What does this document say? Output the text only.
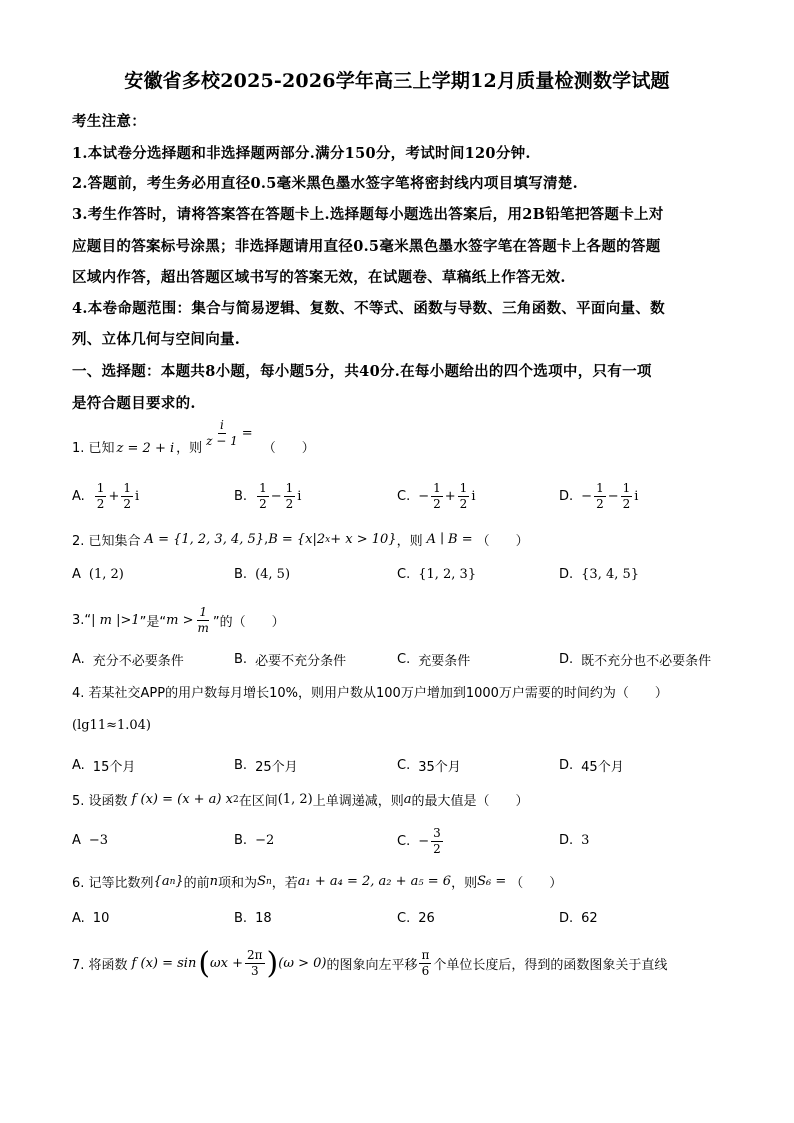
安徽省多校2025-2026学年高三上学期12月质量检测数学试题
考生注意：
1.本试卷分选择题和非选择题两部分.满分150分，考试时间120分钟.
2.答题前，考生务必用直径0.5毫米黑色墨水签字笔将密封线内项目填写清楚.
3.考生作答时，请将答案答在答题卡上.选择题每小题选出答案后，用2B铅笔把答题卡上对
应题目的答案标号涂黑；非选择题请用直径0.5毫米黑色墨水签字笔在答题卡上各题的答题
区域内作答，超出答题区域书写的答案无效，在试题卷、草稿纸上作答无效.
4.本卷命题范围：集合与简易逻辑、复数、不等式、函数与导数、三角函数、平面向量、数
列、立体几何与空间向量.
一、选择题：本题共8小题，每小题5分，共40分.在每小题给出的四个选项中，只有一项
是符合题目要求的.
1. 已知 z = 2 + i ，则
$\frac{i}{z - 1}$ =
（　　）
A. $\frac{1}{2} + \frac{1}{2}$ i	B. $\frac{1}{2} - \frac{1}{2}$ i	C. − $\frac{1}{2} + \frac{1}{2}$ i	D. − $\frac{1}{2} - \frac{1}{2}$ i
2. 已知集合 A = {1, 2, 3, 4, 5} , B = {x|2 x + x > 10} ，则 A ∣ B = （　　）
A (1, 2)	B. (4, 5)	C. {1, 2, 3}	D. {3, 4, 5}
3. “ | m |>1 ”是“ $m > \frac{1}{m}$ ”的 （　　）
A. 充分不必要条件	B. 必要不充分条件	C. 充要条件	D. 既不充分也不必要条件
4. 若某社交APP的用户数每月增长10%，则用户数从100万户增加到1000万户需要的时间约为 （　　）
(lg11≈1.04)
A. 15个月	B. 25个月	C. 35个月	D. 45个月
5. 设函数 f (x) = (x + a) x 2 在区间 (1, 2) 上单调递减，则 a 的最大值是 （　　）
A −3	B. −2	C. − $\frac{3}{2}$	D. 3
6. 记等比数列 {a n } 的前 n 项和为 S n ，若 a₁ + a₄ = 2, a₂ + a₅ = 6 ，则 S₆ = （　　）
A. 10	B. 18	C. 26	D. 62
7. 将函数 f (x) = sin ( $\omega x + \frac{2\pi}{3}$ ) (ω > 0) 的图象向左平移 $\frac{\pi}{6}$ 个单位长度后，得到的函数图象关于直线
